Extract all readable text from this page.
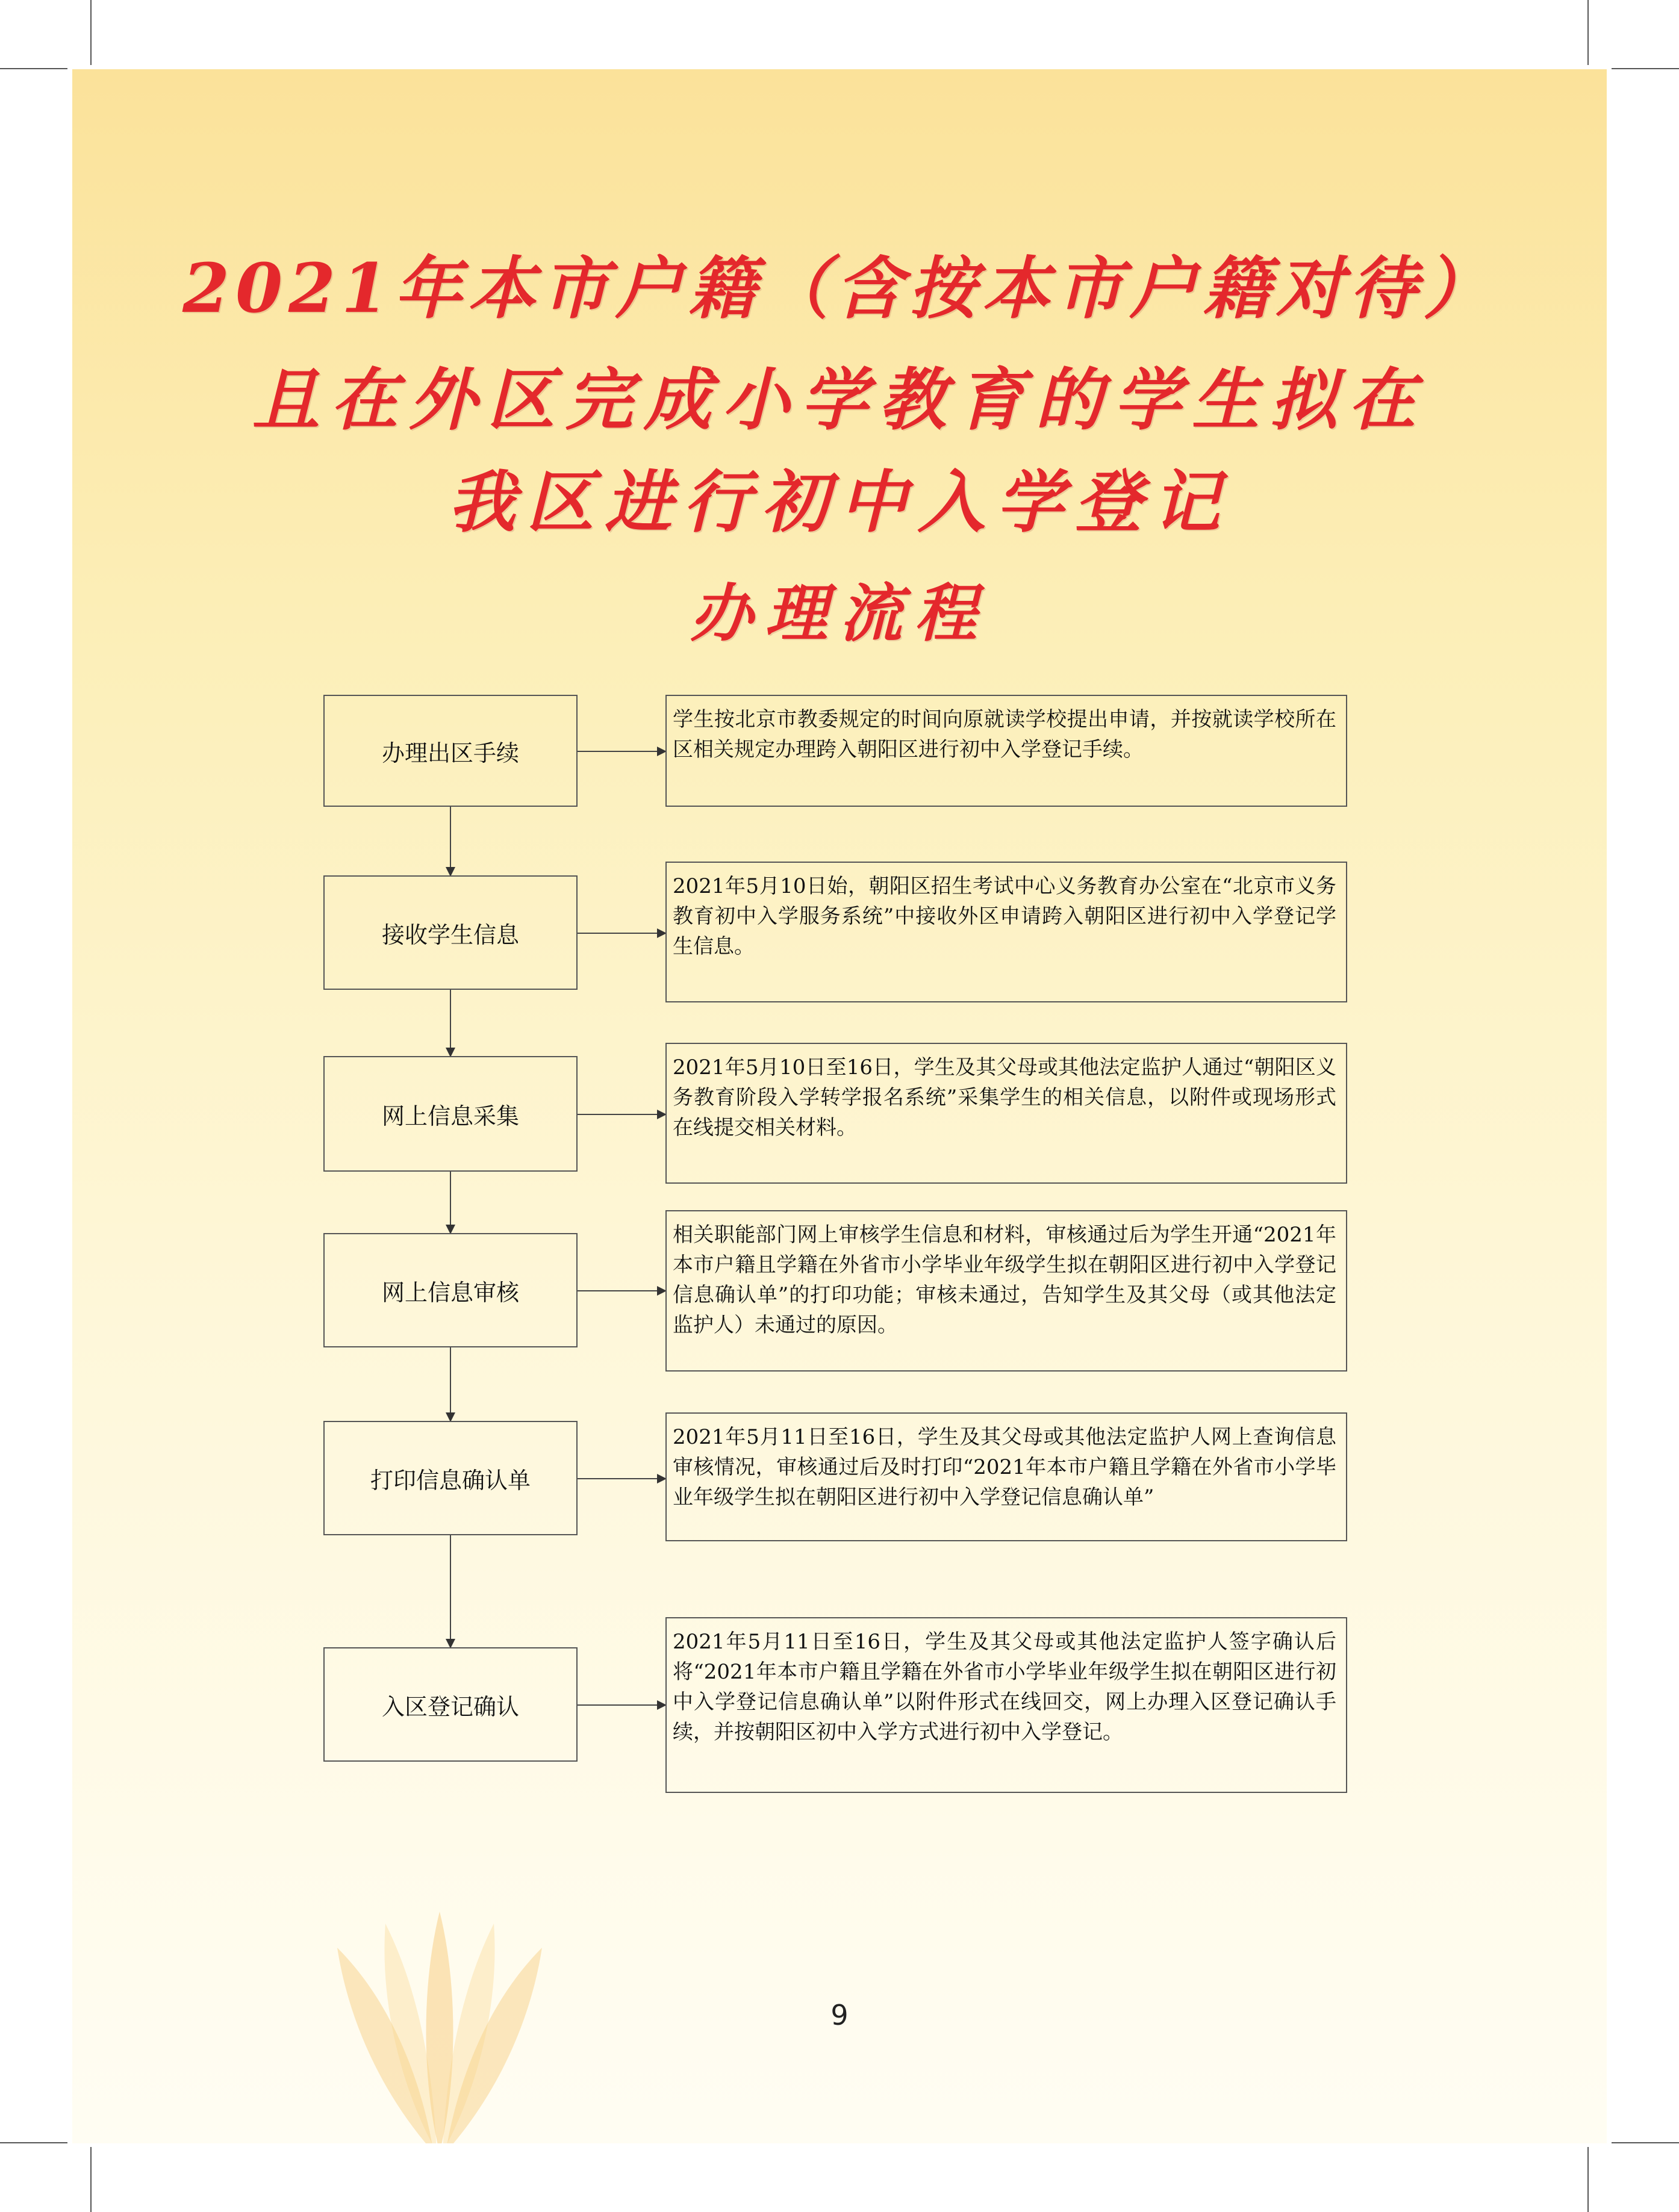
2021年本市户籍（含按本市户籍对待）
且在外区完成小学教育的学生拟在
我区进行初中入学登记
办理流程
办理出区手续
学生按北京市教委规定的时间向原就读学校提出申请，并按就读学校所在区相关规定办理跨入朝阳区进行初中入学登记手续。
接收学生信息
2021年5月10日始，朝阳区招生考试中心义务教育办公室在“北京市义务教育初中入学服务系统”中接收外区申请跨入朝阳区进行初中入学登记学生信息。
网上信息采集
2021年5月10日至16日，学生及其父母或其他法定监护人通过“朝阳区义务教育阶段入学转学报名系统”采集学生的相关信息，以附件或现场形式在线提交相关材料。
网上信息审核
相关职能部门网上审核学生信息和材料，审核通过后为学生开通“2021年本市户籍且学籍在外省市小学毕业年级学生拟在朝阳区进行初中入学登记信息确认单”的打印功能；审核未通过，告知学生及其父母（或其他法定监护人）未通过的原因。
打印信息确认单
2021年5月11日至16日，学生及其父母或其他法定监护人网上查询信息审核情况，审核通过后及时打印“2021年本市户籍且学籍在外省市小学毕业年级学生拟在朝阳区进行初中入学登记信息确认单”
入区登记确认
2021年5月11日至16日，学生及其父母或其他法定监护人签字确认后将“2021年本市户籍且学籍在外省市小学毕业年级学生拟在朝阳区进行初中入学登记信息确认单”以附件形式在线回交，网上办理入区登记确认手续，并按朝阳区初中入学方式进行初中入学登记。
9
